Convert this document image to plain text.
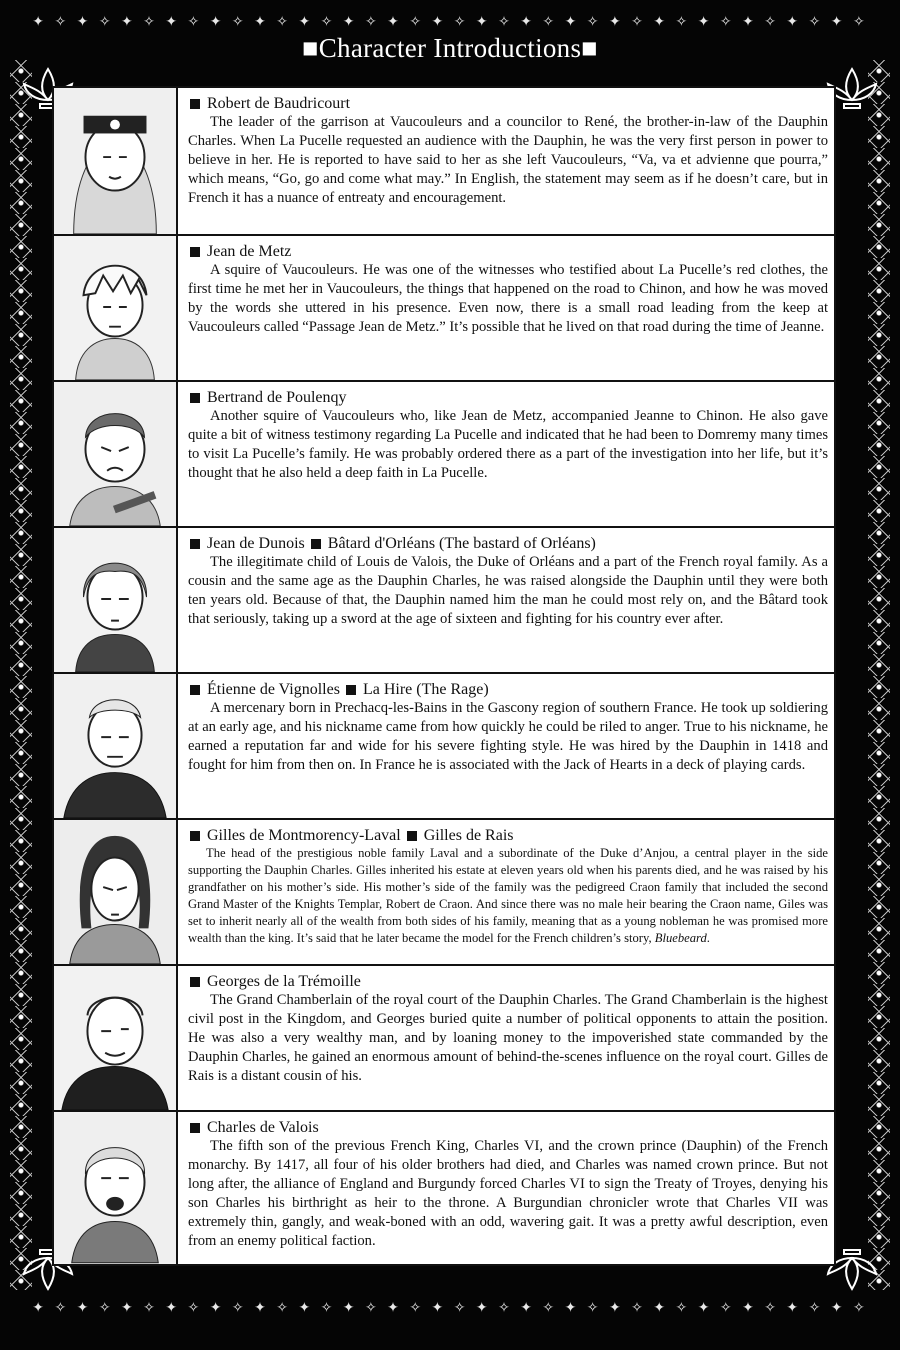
✦ ✧ ✦ ✧ ✦ ✧ ✦ ✧ ✦ ✧ ✦ ✧ ✦ ✧ ✦ ✧ ✦ ✧ ✦ ✧ ✦ ✧ ✦ ✧ ✦ ✧ ✦ ✧ ✦ ✧ ✦ ✧ ✦ ✧ ✦ ✧ ✦ ✧
■Character Introductions■
✦ ✧ ✦ ✧ ✦ ✧ ✦ ✧ ✦ ✧ ✦ ✧ ✦ ✧ ✦ ✧ ✦ ✧ ✦ ✧ ✦ ✧ ✦ ✧ ✦ ✧ ✦ ✧ ✦ ✧ ✦ ✧ ✦ ✧ ✦ ✧ ✦ ✧
Robert de Baudricourt

The leader of the garrison at Vaucouleurs and a councilor to René, the brother-in-law of the Dauphin Charles. When La Pucelle requested an audience with the Dauphin, he was the very first person in power to believe in her. He is reported to have said to her as she left Vaucouleurs, “Va, va et advienne que pourra,” which means, “Go, go and come what may.” In English, the statement may seem as if he doesn’t care, but in French it has a nuance of entreaty and encouragement.

Jean de Metz

A squire of Vaucouleurs. He was one of the witnesses who testified about La Pucelle’s red clothes, the first time he met her in Vaucouleurs, the things that happened on the road to Chinon, and how he was moved by the words she uttered in his presence. Even now, there is a small road leading from the keep at Vaucouleurs called “Passage Jean de Metz.” It’s possible that he lived on that road during the time of Jeanne.

Bertrand de Poulenqy

Another squire of Vaucouleurs who, like Jean de Metz, accompanied Jeanne to Chinon. He also gave quite a bit of witness testimony regarding La Pucelle and indicated that he had been to Domremy many times to visit La Pucelle’s family. He was probably ordered there as a part of the investigation into her life, but it’s thought that he also held a deep faith in La Pucelle.

Jean de Dunois Bâtard d'Orléans (The bastard of Orléans)

The illegitimate child of Louis de Valois, the Duke of Orléans and a part of the French royal family. As a cousin and the same age as the Dauphin Charles, he was raised alongside the Dauphin until they were both ten years old. Because of that, the Dauphin named him the man he could most rely on, and the Bâtard took that seriously, taking up a sword at the age of sixteen and fighting for his country ever after.

Étienne de Vignolles La Hire (The Rage)

A mercenary born in Prechacq-les-Bains in the Gascony region of southern France. He took up soldiering at an early age, and his nickname came from how quickly he could be riled to anger. True to his nickname, he earned a reputation far and wide for his severe fighting style. He was hired by the Dauphin in 1418 and fought for him from then on. In France he is associated with the Jack of Hearts in a deck of playing cards.

Gilles de Montmorency-Laval Gilles de Rais

The head of the prestigious noble family Laval and a subordinate of the Duke d’Anjou, a central player in the side supporting the Dauphin Charles. Gilles inherited his estate at eleven years old when his parents died, and he was raised by his grandfather on his mother’s side. His mother’s side of the family was the pedigreed Craon family that included the second Grand Master of the Knights Templar, Robert de Craon. And since there was no male heir bearing the Craon name, Giles was set to inherit nearly all of the wealth from both sides of his family, meaning that as a young nobleman he was promised more wealth than the king. It’s said that he later became the model for the French children’s story, Bluebeard.

Georges de la Trémoille

The Grand Chamberlain of the royal court of the Dauphin Charles. The Grand Chamberlain is the highest civil post in the Kingdom, and Georges buried quite a number of political opponents to attain the position. He was also a very wealthy man, and by loaning money to the impoverished state commanded by the Dauphin Charles, he gained an enormous amount of behind-the-scenes influence on the royal court. Gilles de Rais is a distant cousin of his.

Charles de Valois

The fifth son of the previous French King, Charles VI, and the crown prince (Dauphin) of the French monarchy. By 1417, all four of his older brothers had died, and Charles was named crown prince. But not long after, the alliance of England and Burgundy forced Charles VI to sign the Treaty of Troyes, denying his son Charles his birthright as heir to the throne. A Burgundian chronicler wrote that Charles VII was extremely thin, gangly, and weak-boned with an odd, wavering gait. It was a pretty awful description, even from an enemy political faction.
